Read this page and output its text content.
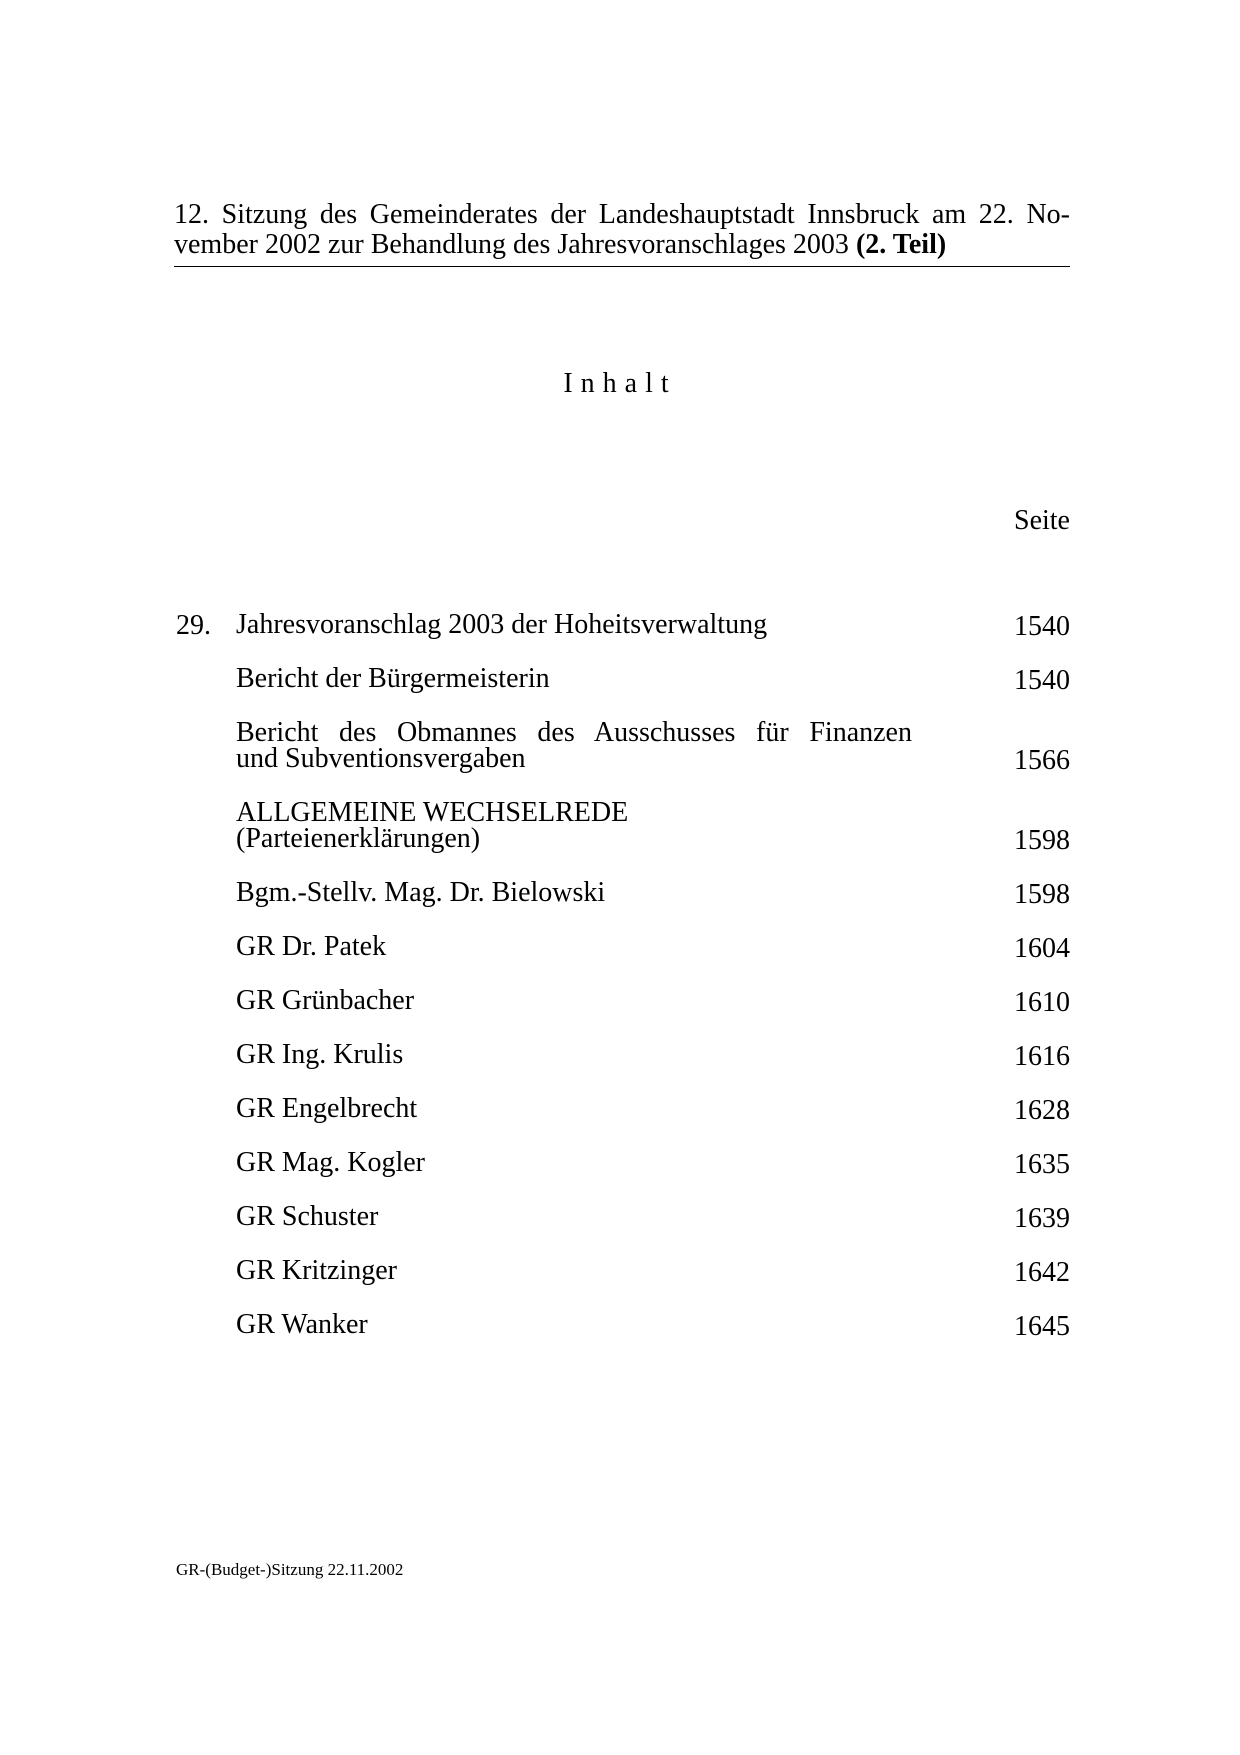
12. Sitzung des Gemeinderates der Landeshauptstadt Innsbruck am 22. No-
vember 2002 zur Behandlung des Jahresvoranschlages 2003 (2. Teil)
Inhalt
Seite
29. Jahresvoranschlag 2003 der Hoheitsverwaltung	1540
Bericht der Bürgermeisterin	1540
Bericht des Obmannes des Ausschusses für Finanzen
und Subventionsvergaben	1566
ALLGEMEINE WECHSELREDE
(Parteienerklärungen)	1598
Bgm.-Stellv. Mag. Dr. Bielowski	1598
GR Dr. Patek	1604
GR Grünbacher	1610
GR Ing. Krulis	1616
GR Engelbrecht	1628
GR Mag. Kogler	1635
GR Schuster	1639
GR Kritzinger	1642
GR Wanker	1645
GR-(Budget-)Sitzung 22.11.2002
